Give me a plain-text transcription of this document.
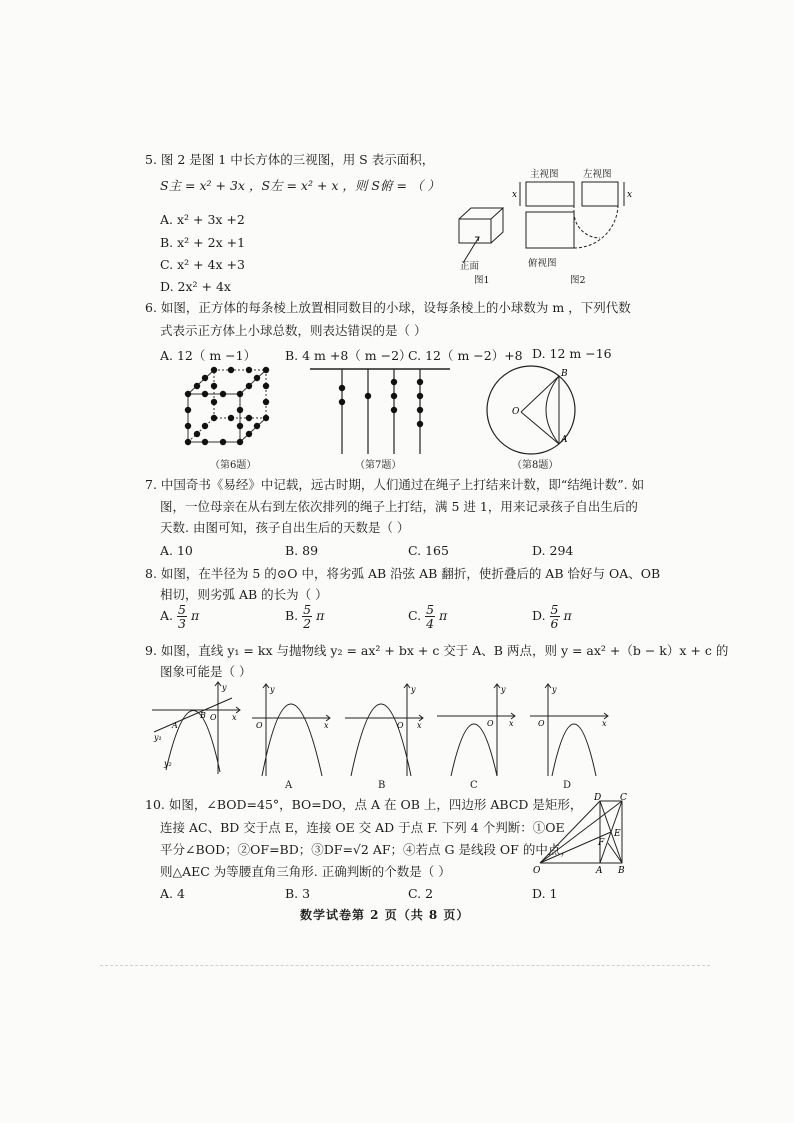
5. 图 2 是图 1 中长方体的三视图，用 S 表示面积，
S主 = x² + 3x ，S左 = x² + x ，则 S俯 = （ ）
A. x² + 3x +2
B. x² + 2x +1
C. x² + 4x +3
D. 2x² + 4x
正面
图1
主视图	左视图
x	x
俯视图
图2
6. 如图，正方体的每条棱上放置相同数目的小球，设每条棱上的小球数为 m ，下列代数
式表示正方体上小球总数，则表达错误的是（ ）
A. 12（ m −1） B. 4 m +8（ m −2）
C. 12（ m −2）+8 D. 12 m −16
（第6题）	（第7题）
O
A
B
（第8题）
7. 中国奇书《易经》中记载，远古时期，人们通过在绳子上打结来计数，即“结绳计数”. 如
图，一位母亲在从右到左依次排列的绳子上打结，满 5 进 1，用来记录孩子自出生后的
天数. 由图可知，孩子自出生后的天数是（ ）
A. 10	B. 89	C. 165	D. 294
8. 如图，在半径为 5 的⊙O 中，将劣弧 AB 沿弦 AB 翻折，使折叠后的 AB 恰好与 OA、OB
相切，则劣弧 AB 的长为（ ）
A. $\frac{5}{3}$ π	B. $\frac{5}{2}$ π	C. $\frac{5}{4}$ π	D. $\frac{5}{6}$ π
9. 如图，直线 y₁ = kx 与抛物线 y₂ = ax² + bx + c 交于 A、B 两点，则 y = ax² +（b − k）x + c 的
图象可能是（ ）
y
x
O
A
B
y₁
y₂
y
x
O
A
y
x
O
B
y
x
O
C
y
x
O
D
10. 如图，∠BOD=45°，BO=DO，点 A 在 OB 上，四边形 ABCD 是矩形，
连接 AC、BD 交于点 E，连接 OE 交 AD 于点 F. 下列 4 个判断：①OE
平分∠BOD；②OF=BD；③DF=√2 AF；④若点 G 是线段 OF 的中点，
则△AEC 为等腰直角三角形. 正确判断的个数是（ ）
A. 4	B. 3	C. 2	D. 1
D C
E
F
O	A B
数学试卷第 2 页（共 8 页）
